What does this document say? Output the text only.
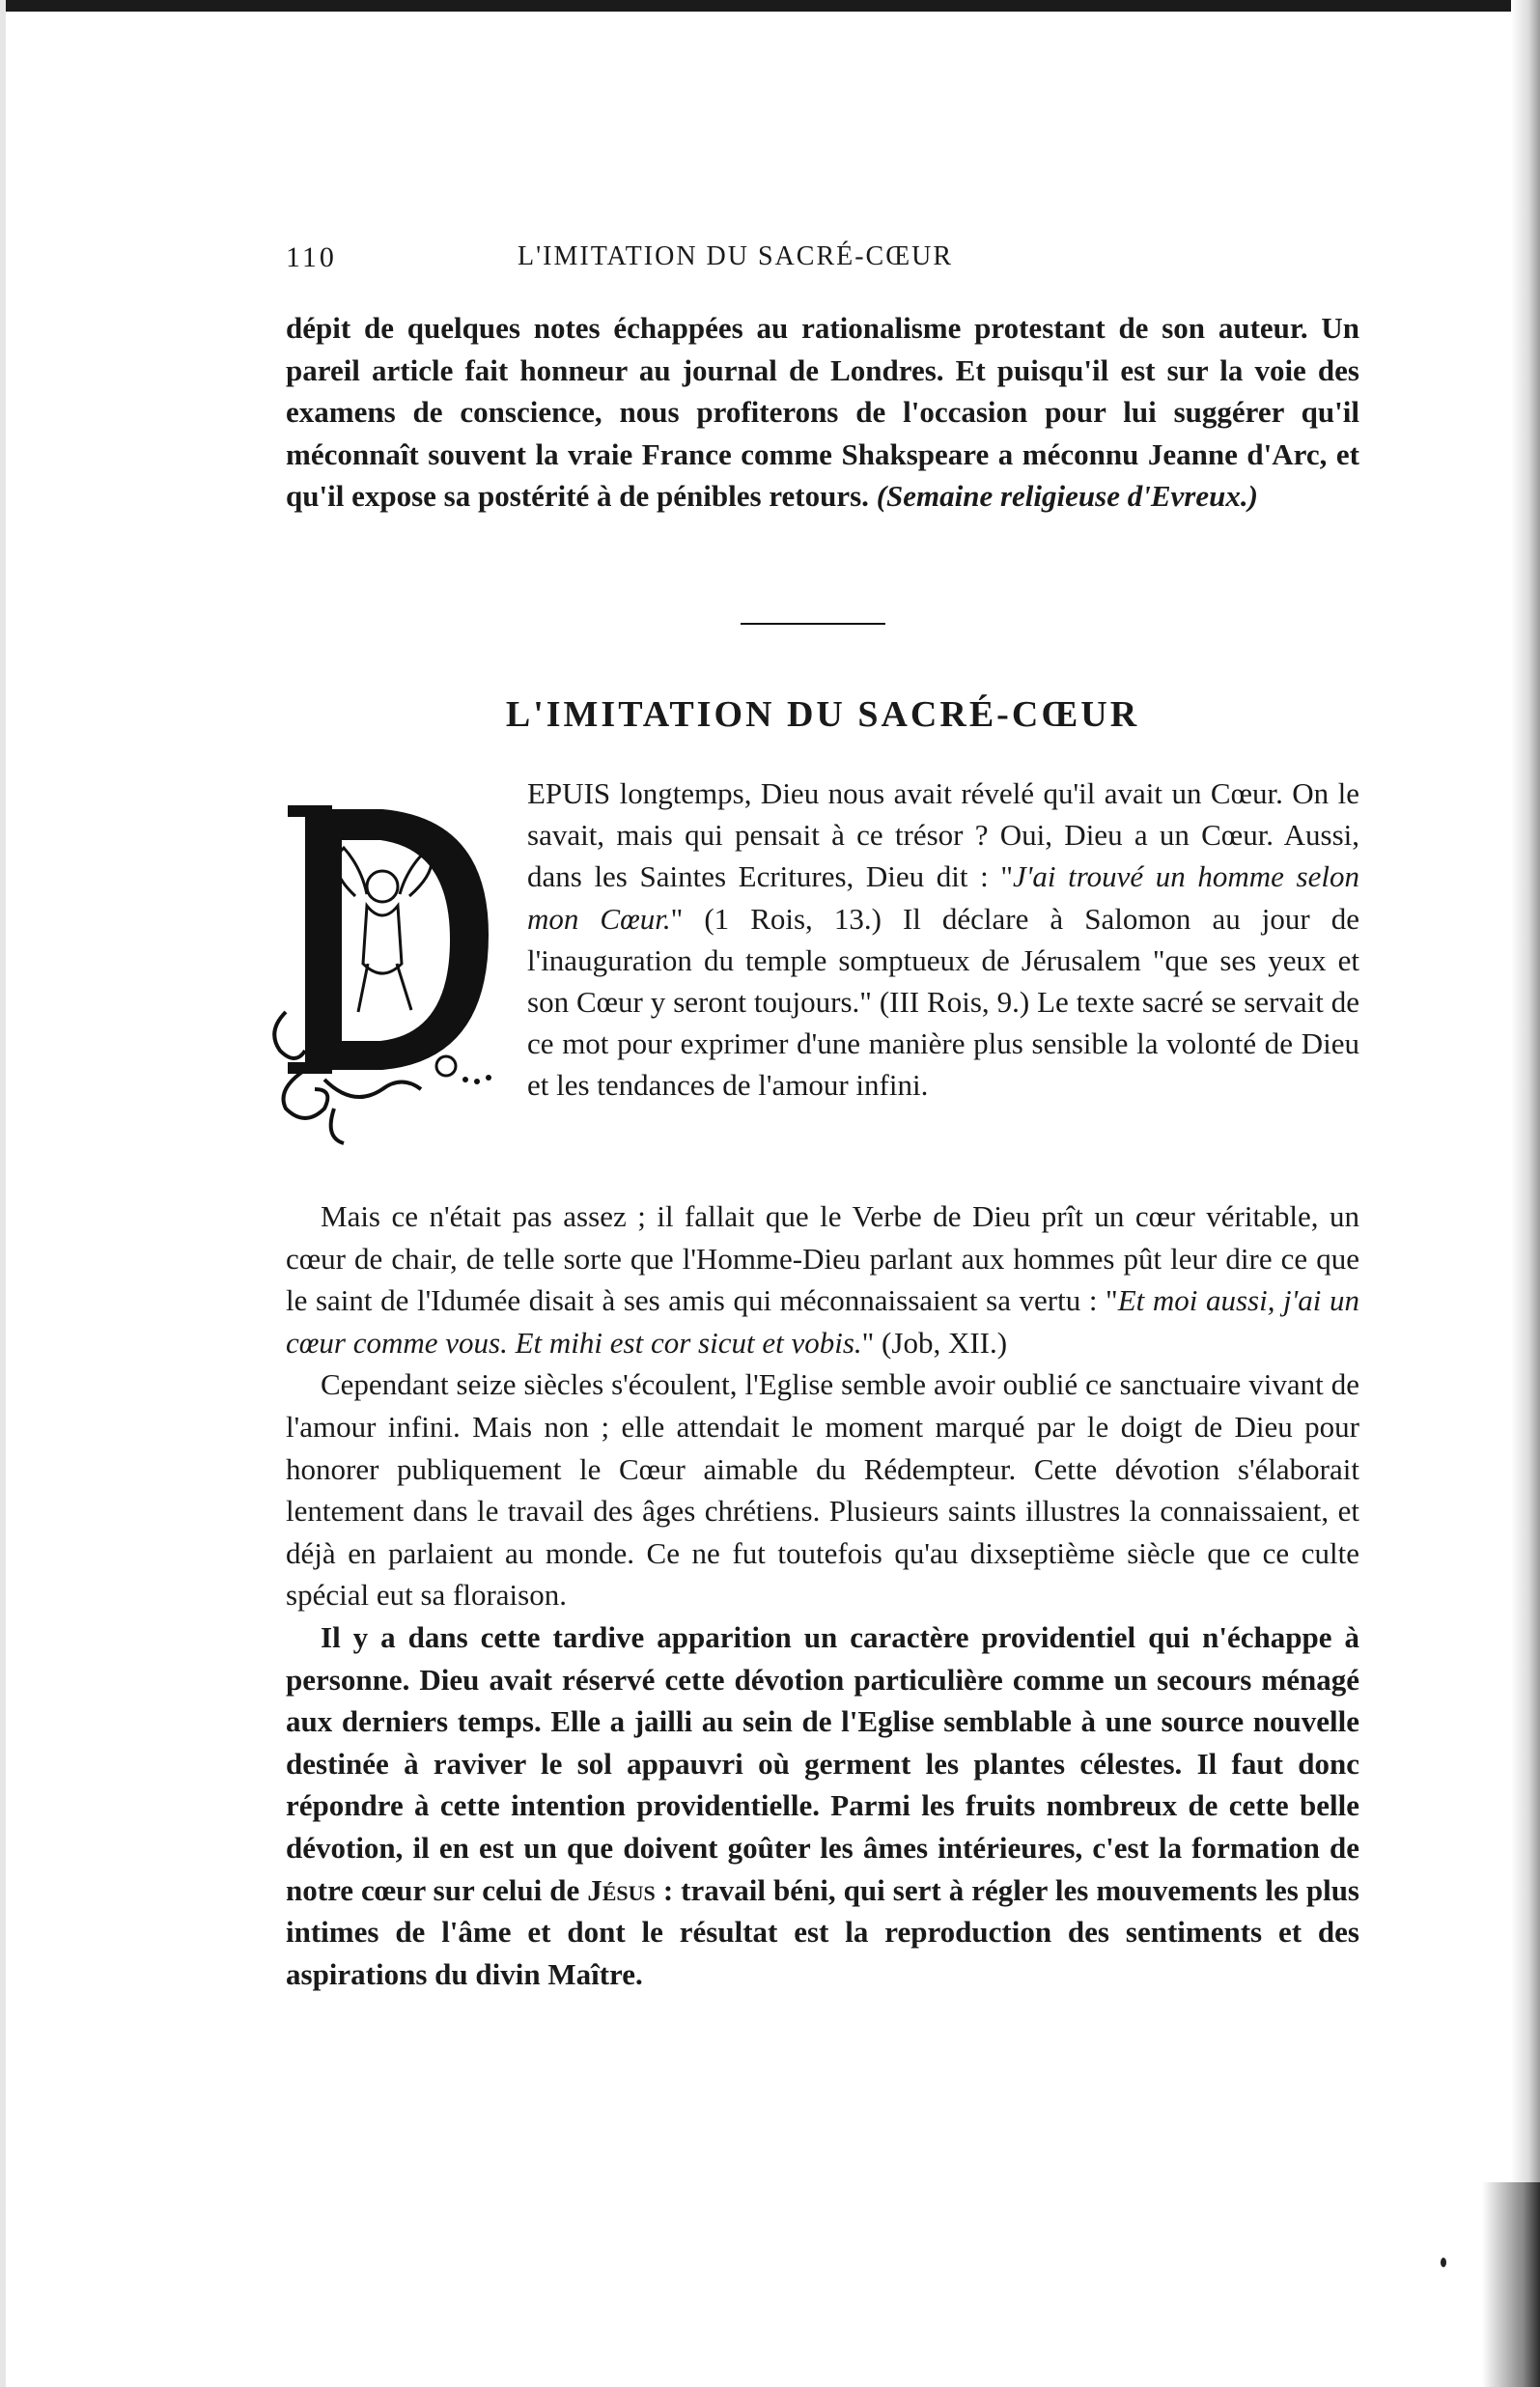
110	L'IMITATION DU SACRÉ-CŒUR

dépit de quelques notes échappées au rationalisme protestant de son auteur. Un pareil article fait honneur au journal de Londres. Et puisqu'il est sur la voie des examens de conscience, nous profiterons de l'occasion pour lui suggérer qu'il méconnaît souvent la vraie France comme Shakspeare a méconnu Jeanne d'Arc, et qu'il expose sa postérité à de pénibles retours. (Semaine religieuse d'Evreux.)

L'IMITATION DU SACRÉ-CŒUR

EPUIS longtemps, Dieu nous avait révelé qu'il avait un Cœur. On le savait, mais qui pensait à ce trésor ? Oui, Dieu a un Cœur. Aussi, dans les Saintes Ecritures, Dieu dit : "J'ai trouvé un homme selon mon Cœur." (1 Rois, 13.) Il déclare à Salomon au jour de l'inauguration du temple somptueux de Jérusalem "que ses yeux et son Cœur y seront toujours." (III Rois, 9.) Le texte sacré se servait de ce mot pour exprimer d'une manière plus sensible la volonté de Dieu et les tendances de l'amour infini.

Mais ce n'était pas assez ; il fallait que le Verbe de Dieu prît un cœur véritable, un cœur de chair, de telle sorte que l'Homme-Dieu parlant aux hommes pût leur dire ce que le saint de l'Idumée disait à ses amis qui méconnaissaient sa vertu : "Et moi aussi, j'ai un cœur comme vous. Et mihi est cor sicut et vobis." (Job, XII.)

Cependant seize siècles s'écoulent, l'Eglise semble avoir oublié ce sanctuaire vivant de l'amour infini. Mais non ; elle attendait le moment marqué par le doigt de Dieu pour honorer publiquement le Cœur aimable du Rédempteur. Cette dévotion s'élaborait lentement dans le travail des âges chrétiens. Plusieurs saints illustres la connaissaient, et déjà en parlaient au monde. Ce ne fut toutefois qu'au dixseptième siècle que ce culte spécial eut sa floraison.

Il y a dans cette tardive apparition un caractère providentiel qui n'échappe à personne. Dieu avait réservé cette dévotion particulière comme un secours ménagé aux derniers temps. Elle a jailli au sein de l'Eglise semblable à une source nouvelle destinée à raviver le sol appauvri où germent les plantes célestes. Il faut donc répondre à cette intention providentielle. Parmi les fruits nombreux de cette belle dévotion, il en est un que doivent goûter les âmes intérieures, c'est la formation de notre cœur sur celui de Jésus : travail béni, qui sert à régler les mouvements les plus intimes de l'âme et dont le résultat est la reproduction des sentiments et des aspirations du divin Maître.
